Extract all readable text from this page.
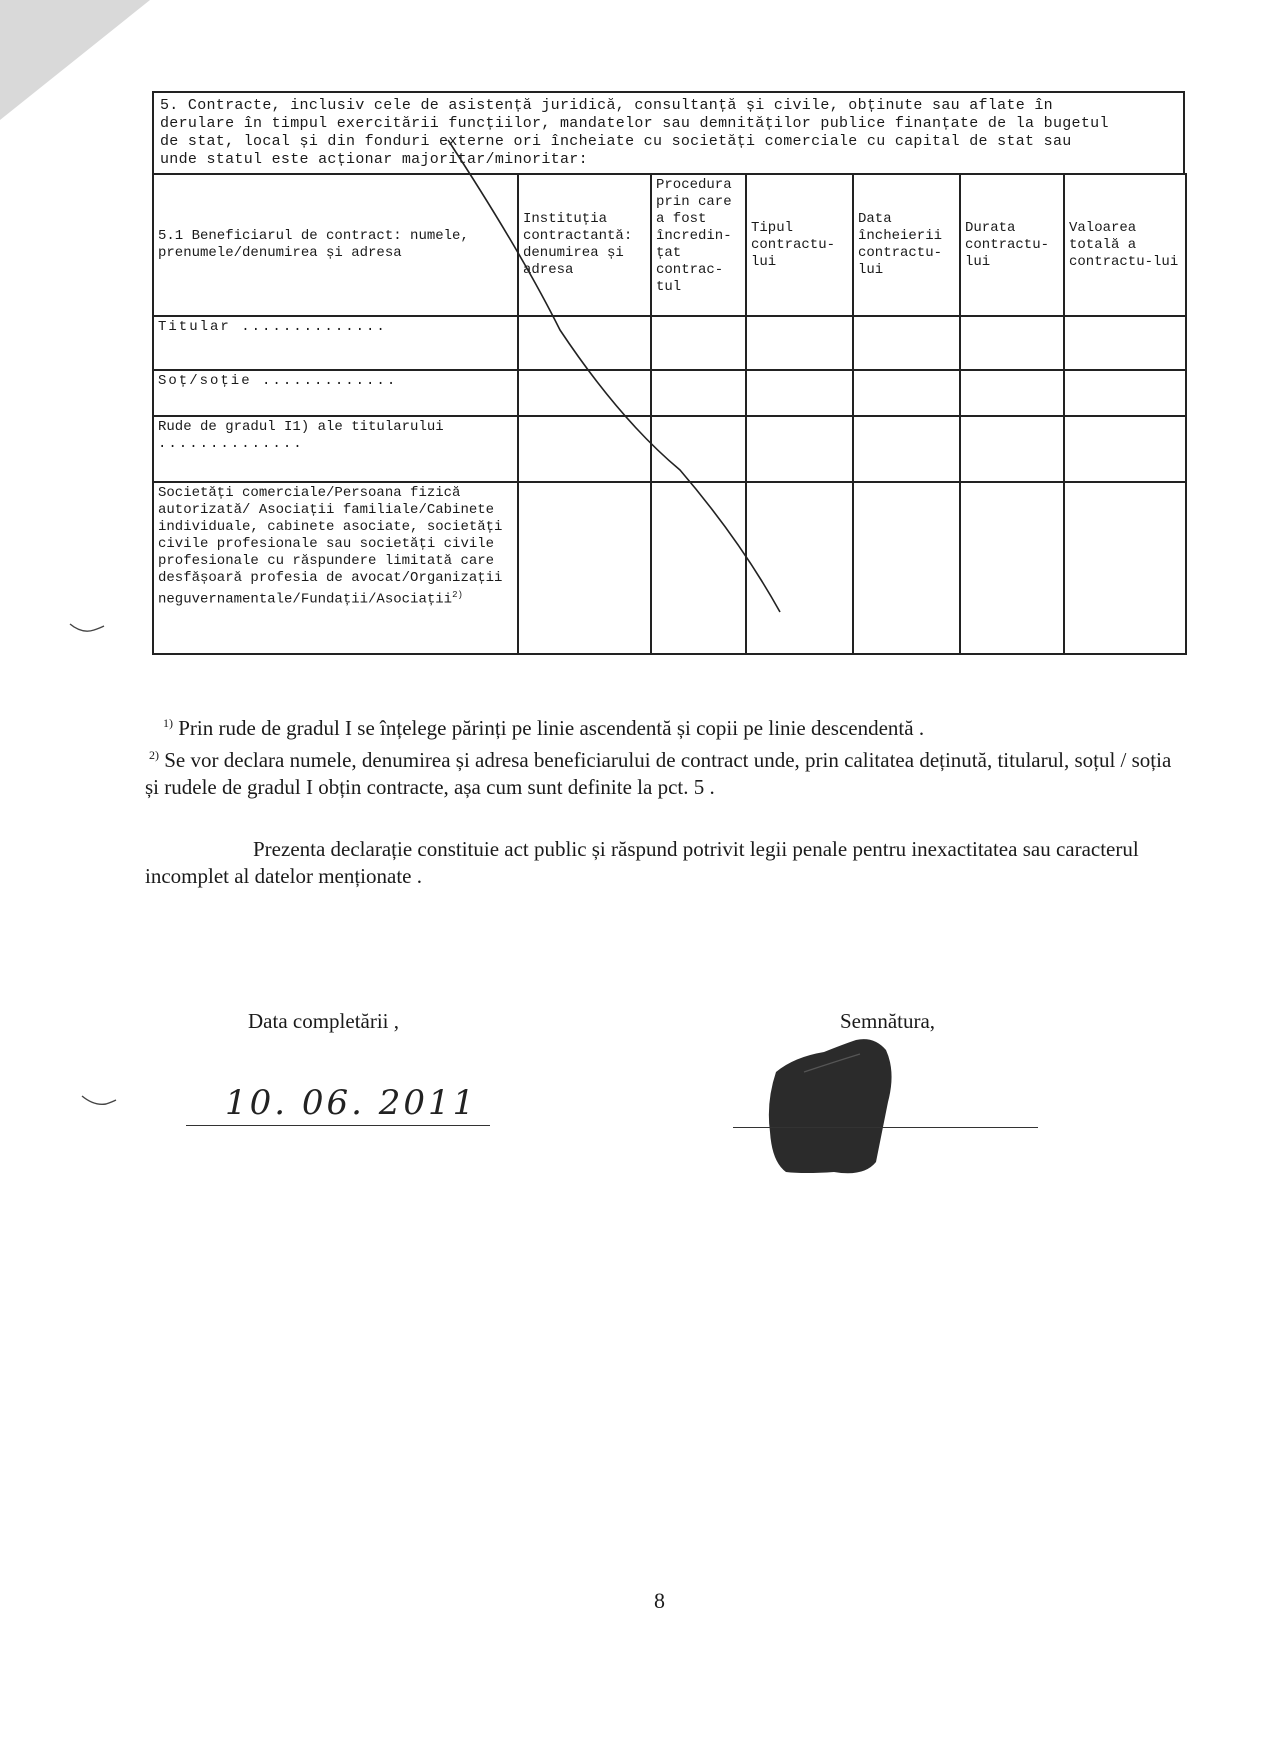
5. Contracte, inclusiv cele de asistență juridică, consultanță și civile, obținute sau aflate în
derulare în timpul exercitării funcțiilor, mandatelor sau demnităților publice finanțate de la bugetul
de stat, local și din fonduri externe ori încheiate cu societăți comerciale cu capital de stat sau
unde statul este acționar majoritar/minoritar:
5.1 Beneficiarul de contract: numele, prenumele/denumirea și adresa	Instituția contractantă: denumirea și adresa	Procedura prin care a fost încredin-țat contrac-tul	Tipul contractu-lui	Data încheierii contractu-lui	Durata contractu-lui	Valoarea totală a contractu-lui

Titular ..............						
Soț/soție .............						
Rude de gradul I1) ale titularului
..............						
Societăți comerciale/Persoana fizică autorizată/ Asociații familiale/Cabinete individuale, cabinete asociate, societăți civile profesionale sau societăți civile profesionale cu răspundere limitată care desfășoară profesia de avocat/Organizații neguvernamentale/Fundații/Asociații$^{2)}$						

$^{1)}$ Prin rude de gradul I se înțelege părinți pe linie ascendentă și copii pe linie descendentă .

$^{2)}$ Se vor declara numele, denumirea și adresa beneficiarului de contract unde, prin calitatea deținută, titularul, soțul / soția și rudele de gradul I obțin contracte, așa cum sunt definite la pct. 5 .

Prezenta declarație constituie act public și răspund potrivit legii penale pentru inexactitatea sau caracterul incomplet al datelor menționate .

Data completării ,
10. 06. 2011
Semnătura,
8
